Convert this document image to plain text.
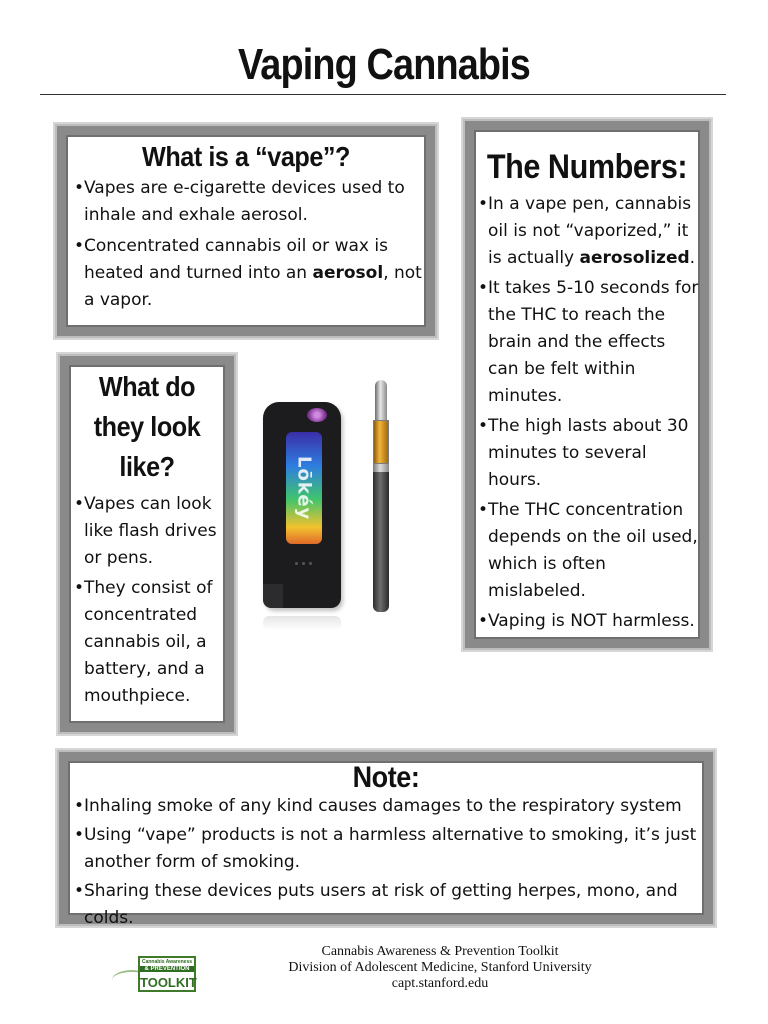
Vaping Cannabis
What is a “vape”?
• Vapes are e-cigarette devices used to inhale and exhale aerosol.
• Concentrated cannabis oil or wax is heated and turned into an aerosol, not a vapor.
What do
they look
like?
• Vapes can look like flash drives or pens.
• They consist of concentrated cannabis oil, a battery, and a mouthpiece.
Lōkéy
The Numbers:
• In a vape pen, cannabis oil is not “vaporized,” it is actually aerosolized.
• It takes 5-10 seconds for the THC to reach the brain and the effects can be felt within minutes.
• The high lasts about 30 minutes to several hours.
• The THC concentration depends on the oil used, which is often mislabeled.
• Vaping is NOT harmless.
Note:
• Inhaling smoke of any kind causes damages to the respiratory system
• Using “vape” products is not a harmless alternative to smoking, it’s just another form of smoking.
• Sharing these devices puts users at risk of getting herpes, mono, and colds.
Cannabis Awareness
& PREVENTION
TOOLKIT
Cannabis Awareness & Prevention Toolkit
Division of Adolescent Medicine, Stanford University
capt.stanford.edu
